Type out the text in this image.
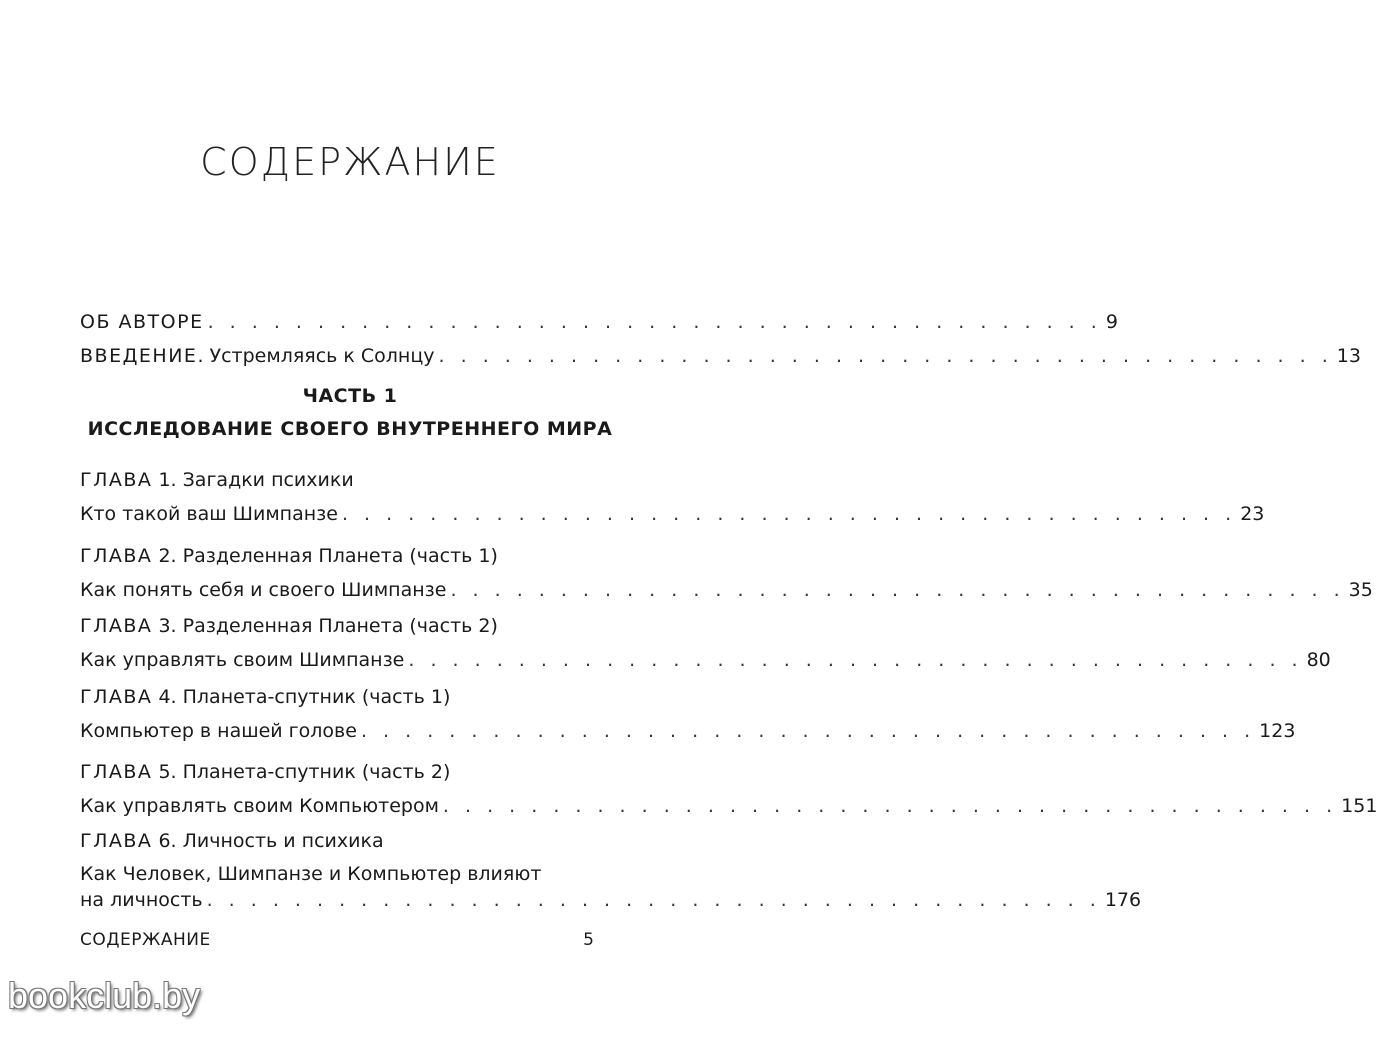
СОДЕРЖАНИЕ
ОБ АВТОРЕ . . . . . . . . . . . . . . . . . . . . . . . . . . . . . . . . . . . . . . . . . 9
ВВЕДЕНИЕ. Устремляясь к Солнцу . . . . . . . . . . . . . . . . . . . . . . . . . . . . . . . . . . . . . . . . . 13
ЧАСТЬ 1
ИССЛЕДОВАНИЕ СВОЕГО ВНУТРЕННЕГО МИРА
ГЛАВА 1. Загадки психики
Кто такой ваш Шимпанзе . . . . . . . . . . . . . . . . . . . . . . . . . . . . . . . . . . . . . . . . . 23
ГЛАВА 2. Разделенная Планета (часть 1)
Как понять себя и своего Шимпанзе . . . . . . . . . . . . . . . . . . . . . . . . . . . . . . . . . . . . . . . . . 35
ГЛАВА 3. Разделенная Планета (часть 2)
Как управлять своим Шимпанзе . . . . . . . . . . . . . . . . . . . . . . . . . . . . . . . . . . . . . . . . . 80
ГЛАВА 4. Планета-спутник (часть 1)
Компьютер в нашей голове . . . . . . . . . . . . . . . . . . . . . . . . . . . . . . . . . . . . . . . . . 123
ГЛАВА 5. Планета-спутник (часть 2)
Как управлять своим Компьютером . . . . . . . . . . . . . . . . . . . . . . . . . . . . . . . . . . . . . . . . . 151
ГЛАВА 6. Личность и психика
Как Человек, Шимпанзе и Компьютер влияют
на личность . . . . . . . . . . . . . . . . . . . . . . . . . . . . . . . . . . . . . . . . . 176
СОДЕРЖАНИЕ	5
bookclub.by
